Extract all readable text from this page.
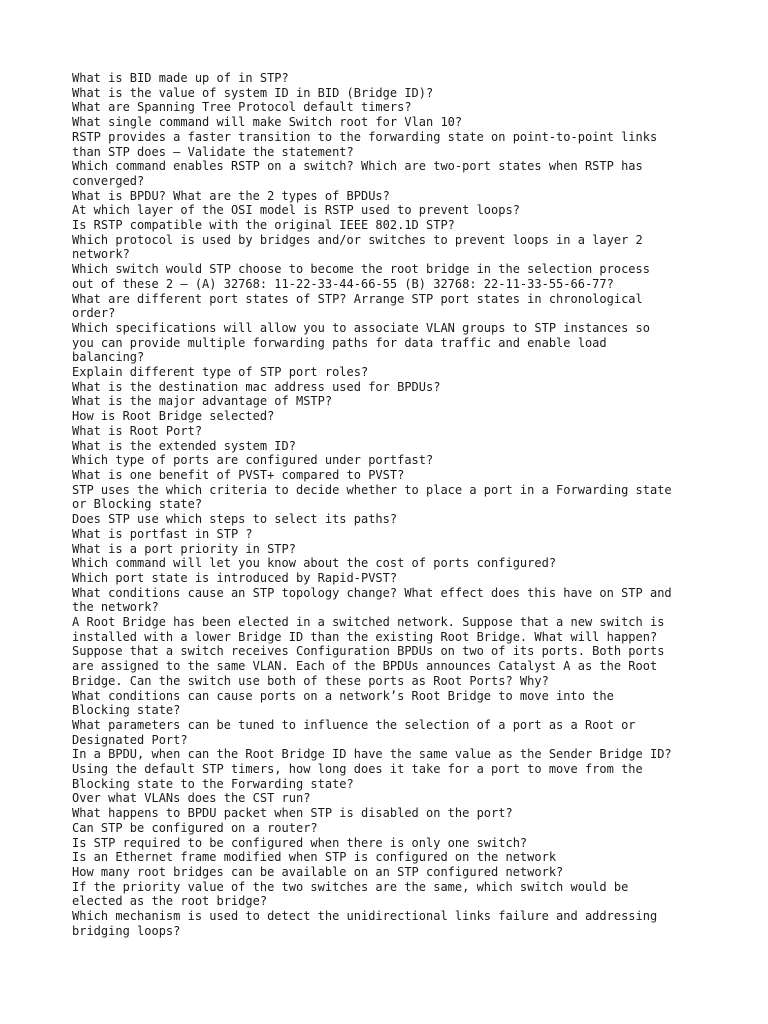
What is BID made up of in STP?

What is the value of system ID in BID (Bridge ID)?

What are Spanning Tree Protocol default timers?

What single command will make Switch root for Vlan 10?

RSTP provides a faster transition to the forwarding state on point-to-point links

than STP does – Validate the statement?

Which command enables RSTP on a switch? Which are two-port states when RSTP has

converged?

What is BPDU? What are the 2 types of BPDUs?

At which layer of the OSI model is RSTP used to prevent loops?

Is RSTP compatible with the original IEEE 802.1D STP?

Which protocol is used by bridges and/or switches to prevent loops in a layer 2

network?

Which switch would STP choose to become the root bridge in the selection process

out of these 2 – (A) 32768: 11-22-33-44-66-55 (B) 32768: 22-11-33-55-66-77?

What are different port states of STP? Arrange STP port states in chronological

order?

Which specifications will allow you to associate VLAN groups to STP instances so

you can provide multiple forwarding paths for data traffic and enable load

balancing?

Explain different type of STP port roles?

What is the destination mac address used for BPDUs?

What is the major advantage of MSTP?

How is Root Bridge selected?

What is Root Port?

What is the extended system ID?

Which type of ports are configured under portfast?

What is one benefit of PVST+ compared to PVST?

STP uses the which criteria to decide whether to place a port in a Forwarding state

or Blocking state?

Does STP use which steps to select its paths?

What is portfast in STP ?

What is a port priority in STP?

Which command will let you know about the cost of ports configured?

Which port state is introduced by Rapid-PVST?

What conditions cause an STP topology change? What effect does this have on STP and

the network?

A Root Bridge has been elected in a switched network. Suppose that a new switch is

installed with a lower Bridge ID than the existing Root Bridge. What will happen?

Suppose that a switch receives Configuration BPDUs on two of its ports. Both ports

are assigned to the same VLAN. Each of the BPDUs announces Catalyst A as the Root

Bridge. Can the switch use both of these ports as Root Ports? Why?

What conditions can cause ports on a network’s Root Bridge to move into the

Blocking state?

What parameters can be tuned to influence the selection of a port as a Root or

Designated Port?

In a BPDU, when can the Root Bridge ID have the same value as the Sender Bridge ID?

Using the default STP timers, how long does it take for a port to move from the

Blocking state to the Forwarding state?

Over what VLANs does the CST run?

What happens to BPDU packet when STP is disabled on the port?

Can STP be configured on a router?

Is STP required to be configured when there is only one switch?

Is an Ethernet frame modified when STP is configured on the network

How many root bridges can be available on an STP configured network?

If the priority value of the two switches are the same, which switch would be

elected as the root bridge?

Which mechanism is used to detect the unidirectional links failure and addressing

bridging loops?
